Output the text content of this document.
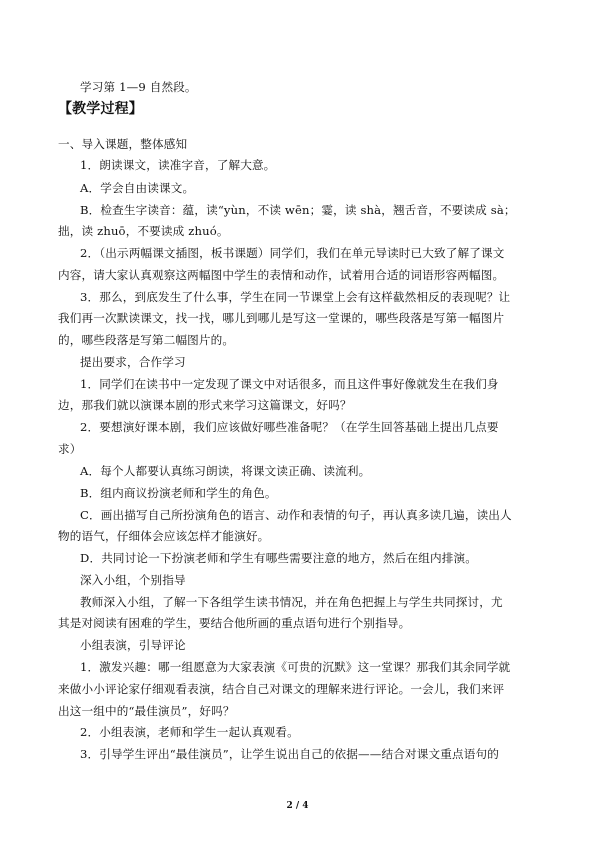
学习第 1—9 自然段。
【教学过程】
一、导入课题，整体感知
1．朗读课文，读准字音，了解大意。
A．学会自由读课文。
B．检查生字读音：蕴，读“yùn，不读 wēn；霎，读 shà，翘舌音，不要读成 sà；
拙，读 zhuō，不要读成 zhuó。
2．（出示两幅课文插图，板书课题）同学们，我们在单元导读时已大致了解了课文
内容，请大家认真观察这两幅图中学生的表情和动作，试着用合适的词语形容两幅图。
3．那么，到底发生了什么事，学生在同一节课堂上会有这样截然相反的表现呢？让
我们再一次默读课文，找一找，哪儿到哪儿是写这一堂课的，哪些段落是写第一幅图片
的，哪些段落是写第二幅图片的。
提出要求，合作学习
1．同学们在读书中一定发现了课文中对话很多，而且这件事好像就发生在我们身
边，那我们就以演课本剧的形式来学习这篇课文，好吗？
2．要想演好课本剧，我们应该做好哪些准备呢？（在学生回答基础上提出几点要
求）
A．每个人都要认真练习朗读，将课文读正确、读流利。
B．组内商议扮演老师和学生的角色。
C．画出描写自己所扮演角色的语言、动作和表情的句子，再认真多读几遍，读出人
物的语气，仔细体会应该怎样才能演好。
D．共同讨论一下扮演老师和学生有哪些需要注意的地方，然后在组内排演。
深入小组，个别指导
教师深入小组，了解一下各组学生读书情况，并在角色把握上与学生共同探讨，尤
其是对阅读有困难的学生，要结合他所画的重点语句进行个别指导。
小组表演，引导评论
1．激发兴趣：哪一组愿意为大家表演《可贵的沉默》这一堂课？那我们其余同学就
来做小小评论家仔细观看表演，结合自己对课文的理解来进行评论。一会儿，我们来评
出这一组中的“最佳演员”，好吗？
2．小组表演，老师和学生一起认真观看。
3．引导学生评出“最佳演员”，让学生说出自己的依据——结合对课文重点语句的
2 / 4
